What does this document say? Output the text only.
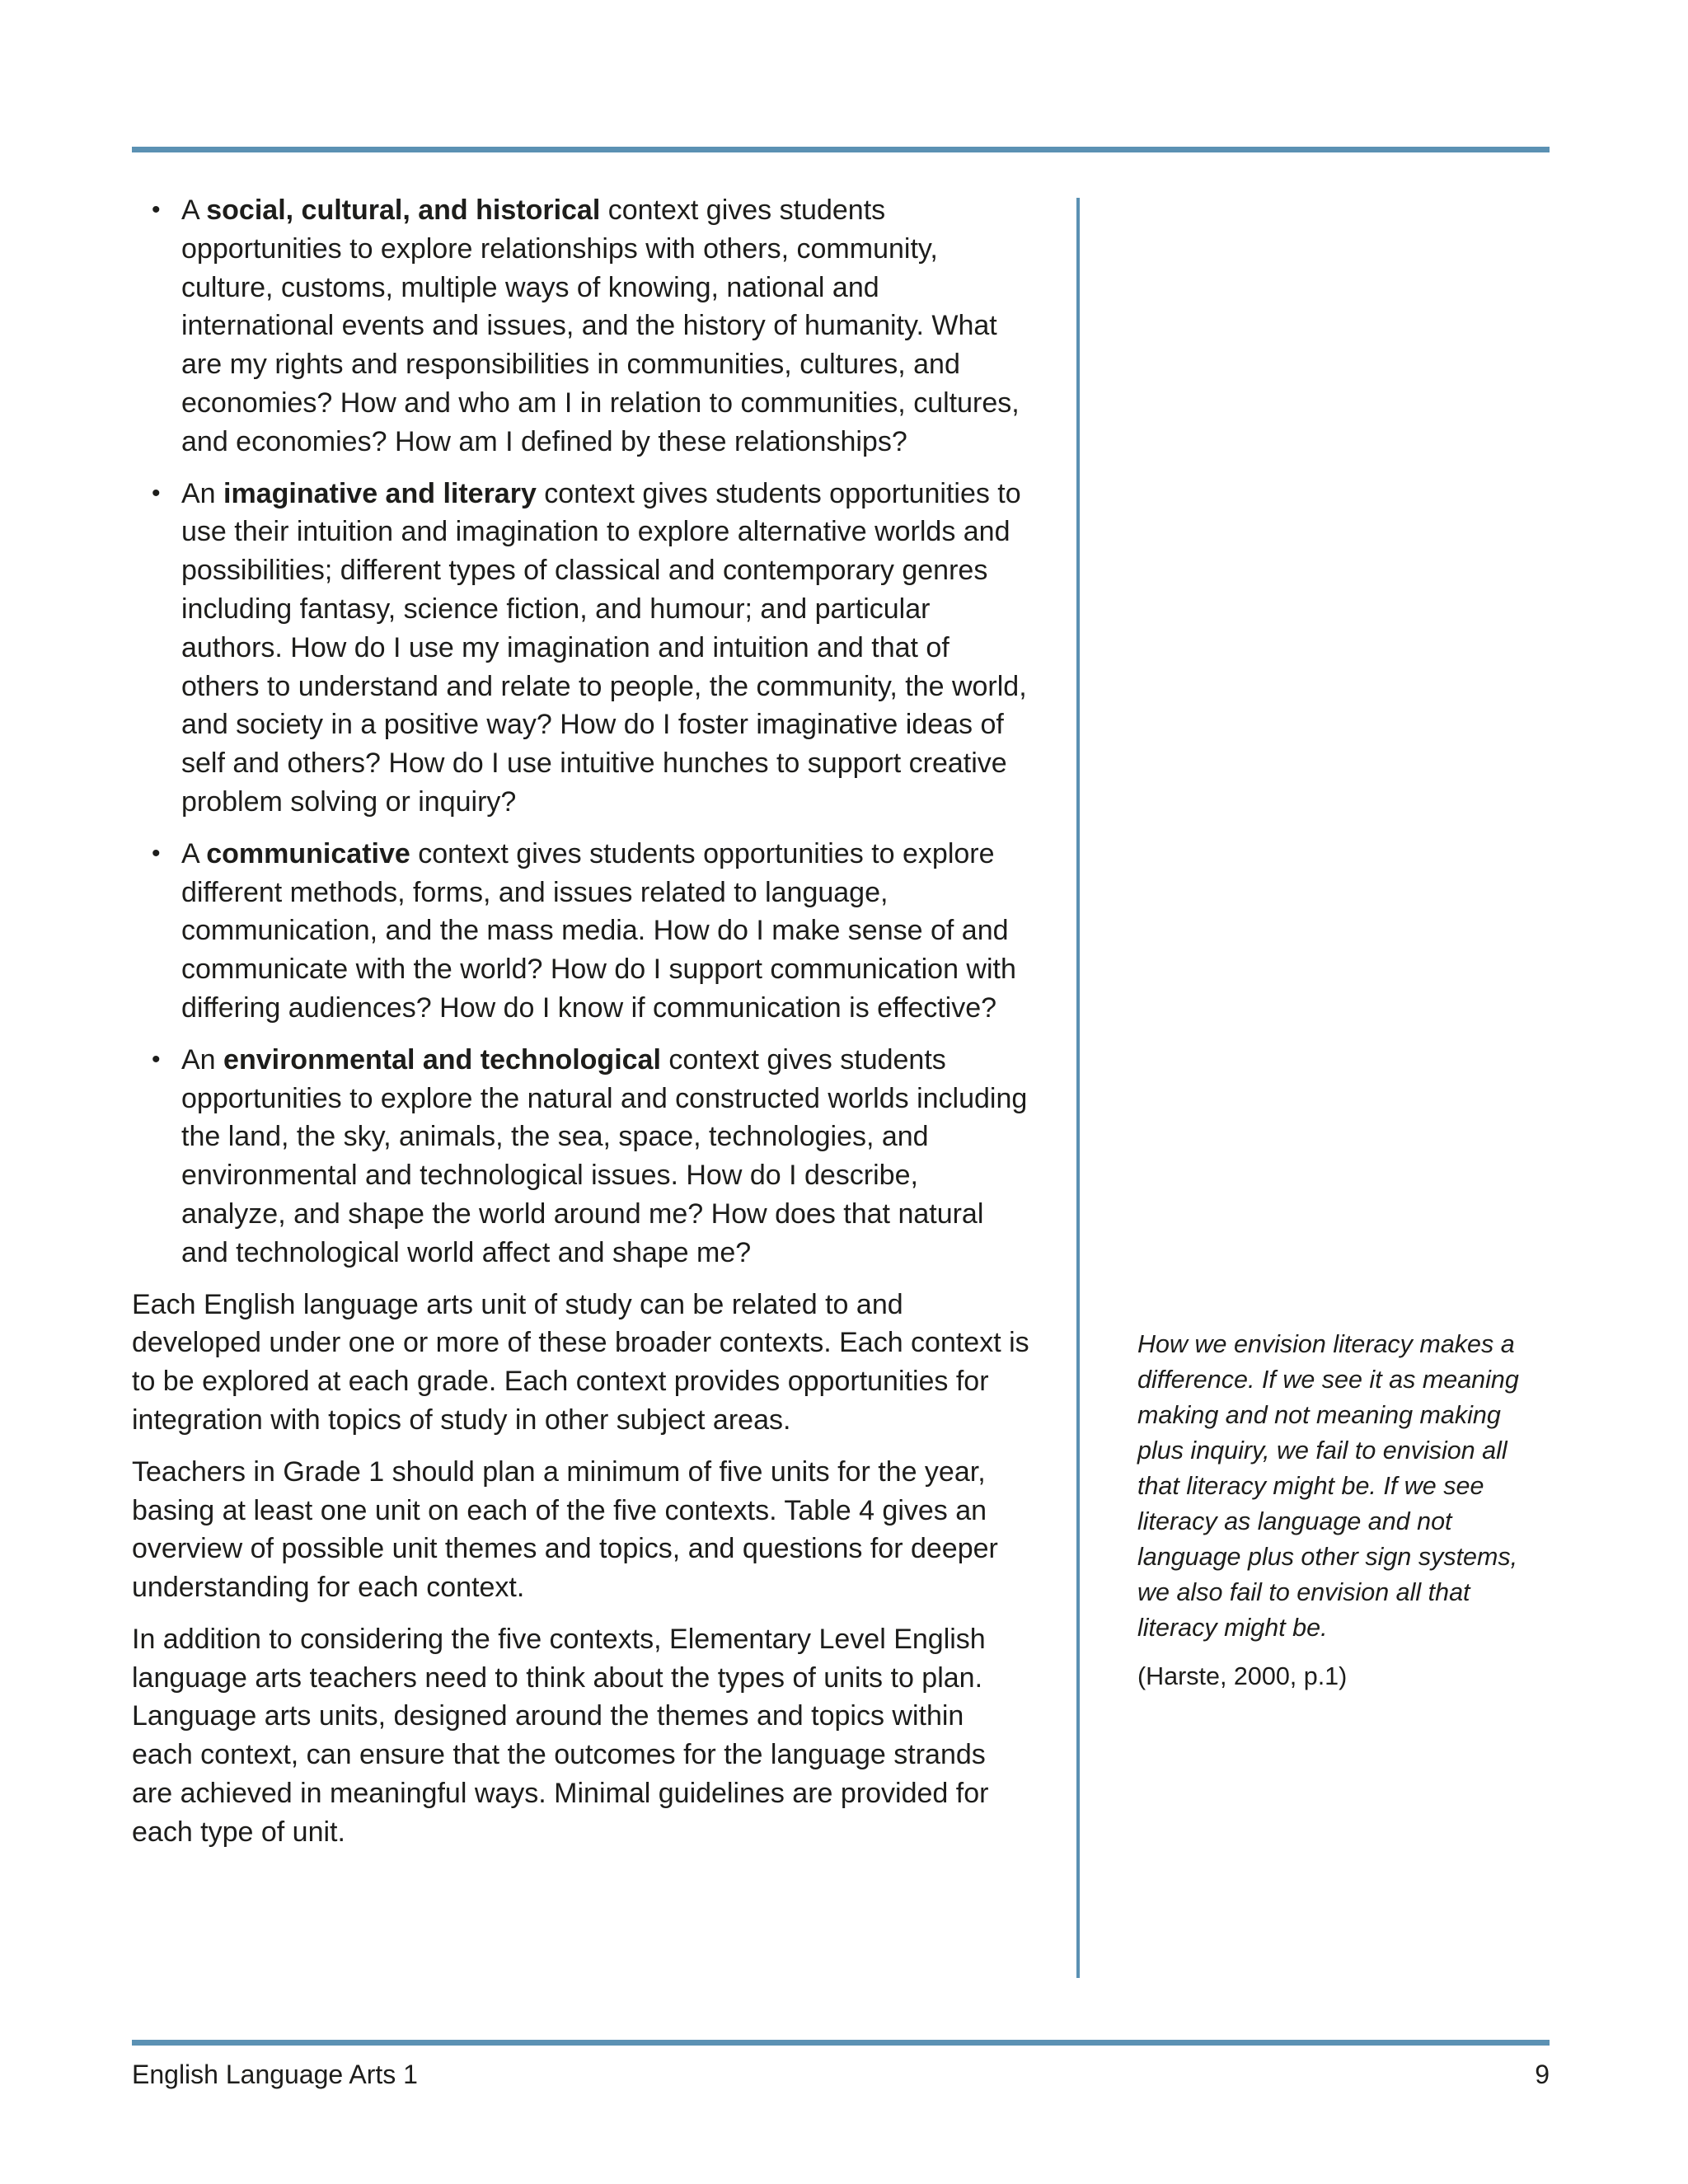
• A social, cultural, and historical context gives students opportunities to explore relationships with others, community, culture, customs, multiple ways of knowing, national and international events and issues, and the history of humanity. What are my rights and responsibilities in communities, cultures, and economies? How and who am I in relation to communities, cultures, and economies? How am I defined by these relationships?
• An imaginative and literary context gives students opportunities to use their intuition and imagination to explore alternative worlds and possibilities; different types of classical and contemporary genres including fantasy, science fiction, and humour; and particular authors. How do I use my imagination and intuition and that of others to understand and relate to people, the community, the world, and society in a positive way? How do I foster imaginative ideas of self and others? How do I use intuitive hunches to support creative problem solving or inquiry?
• A communicative context gives students opportunities to explore different methods, forms, and issues related to language, communication, and the mass media. How do I make sense of and communicate with the world? How do I support communication with differing audiences? How do I know if communication is effective?
• An environmental and technological context gives students opportunities to explore the natural and constructed worlds including the land, the sky, animals, the sea, space, technologies, and environmental and technological issues. How do I describe, analyze, and shape the world around me? How does that natural and technological world affect and shape me?

Each English language arts unit of study can be related to and developed under one or more of these broader contexts. Each context is to be explored at each grade. Each context provides opportunities for integration with topics of study in other subject areas.

Teachers in Grade 1 should plan a minimum of five units for the year, basing at least one unit on each of the five contexts. Table 4 gives an overview of possible unit themes and topics, and questions for deeper understanding for each context.

In addition to considering the five contexts, Elementary Level English language arts teachers need to think about the types of units to plan. Language arts units, designed around the themes and topics within each context, can ensure that the outcomes for the language strands are achieved in meaningful ways. Minimal guidelines are provided for each type of unit.

How we envision literacy makes a difference. If we see it as meaning making and not meaning making plus inquiry, we fail to envision all that literacy might be. If we see literacy as language and not language plus other sign systems, we also fail to envision all that literacy might be.

(Harste, 2000, p.1)

English Language Arts 1	9
